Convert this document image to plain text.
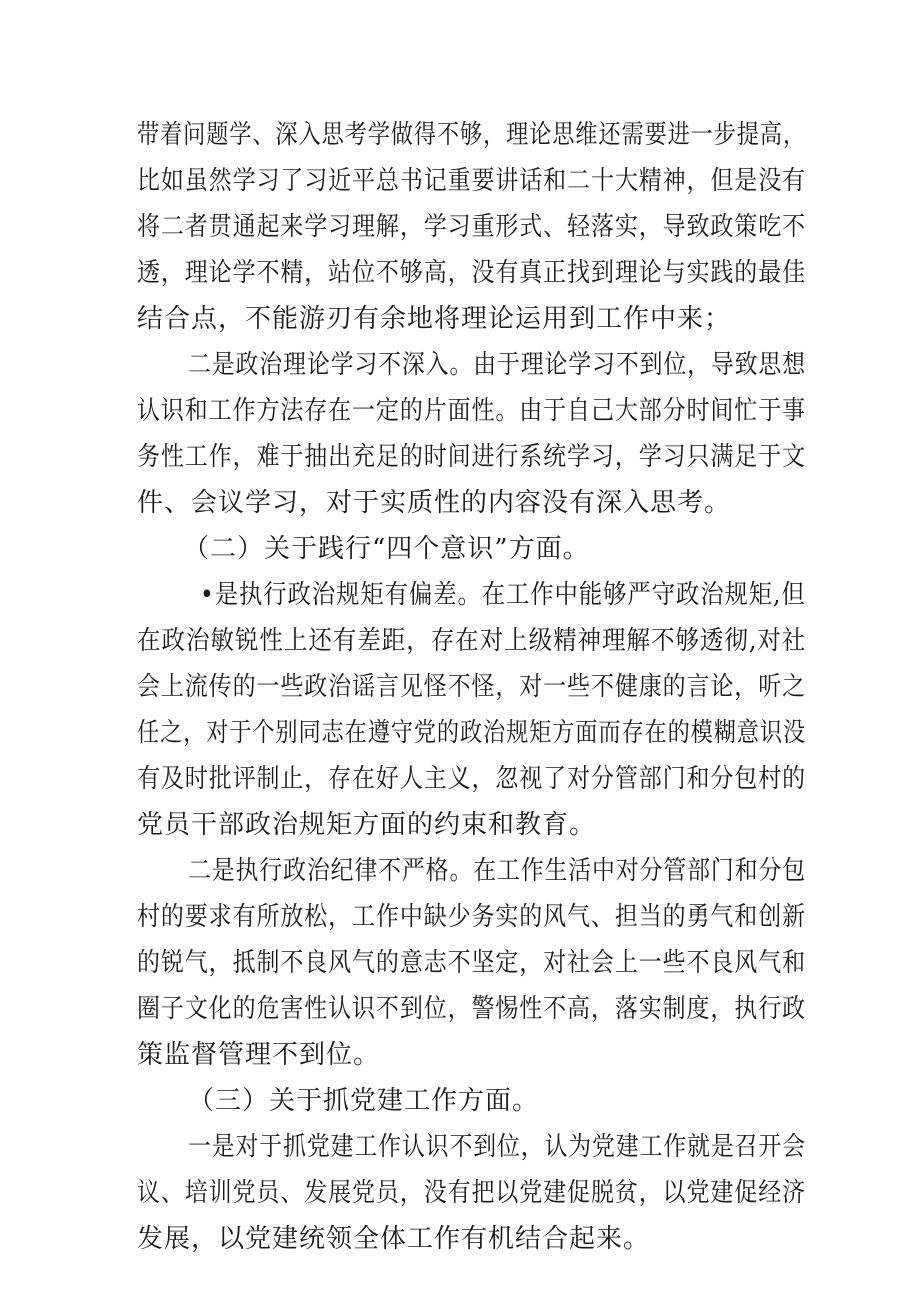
带着问题学、深入思考学做得不够，理论思维还需要进一步提高，
比如虽然学习了习近平总书记重要讲话和二十大精神，但是没有
将二者贯通起来学习理解，学习重形式、轻落实，导致政策吃不
透，理论学不精，站位不够高，没有真正找到理论与实践的最佳
结合点，不能游刃有余地将理论运用到工作中来；
二是政治理论学习不深入。由于理论学习不到位，导致思想
认识和工作方法存在一定的片面性。由于自己大部分时间忙于事
务性工作，难于抽出充足的时间进行系统学习，学习只满足于文
件、会议学习，对于实质性的内容没有深入思考。
（二）关于践行“四个意识”方面。
•是执行政治规矩有偏差。在工作中能够严守政治规矩,但
在政治敏锐性上还有差距，存在对上级精神理解不够透彻,对社
会上流传的一些政治谣言见怪不怪，对一些不健康的言论，听之
任之，对于个别同志在遵守党的政治规矩方面而存在的模糊意识没
有及时批评制止，存在好人主义，忽视了对分管部门和分包村的
党员干部政治规矩方面的约束和教育。
二是执行政治纪律不严格。在工作生活中对分管部门和分包
村的要求有所放松，工作中缺少务实的风气、担当的勇气和创新
的锐气，抵制不良风气的意志不坚定，对社会上一些不良风气和
圈子文化的危害性认识不到位，警惕性不高，落实制度，执行政
策监督管理不到位。
（三）关于抓党建工作方面。
一是对于抓党建工作认识不到位，认为党建工作就是召开会
议、培训党员、发展党员，没有把以党建促脱贫，以党建促经济
发展，以党建统领全体工作有机结合起来。
